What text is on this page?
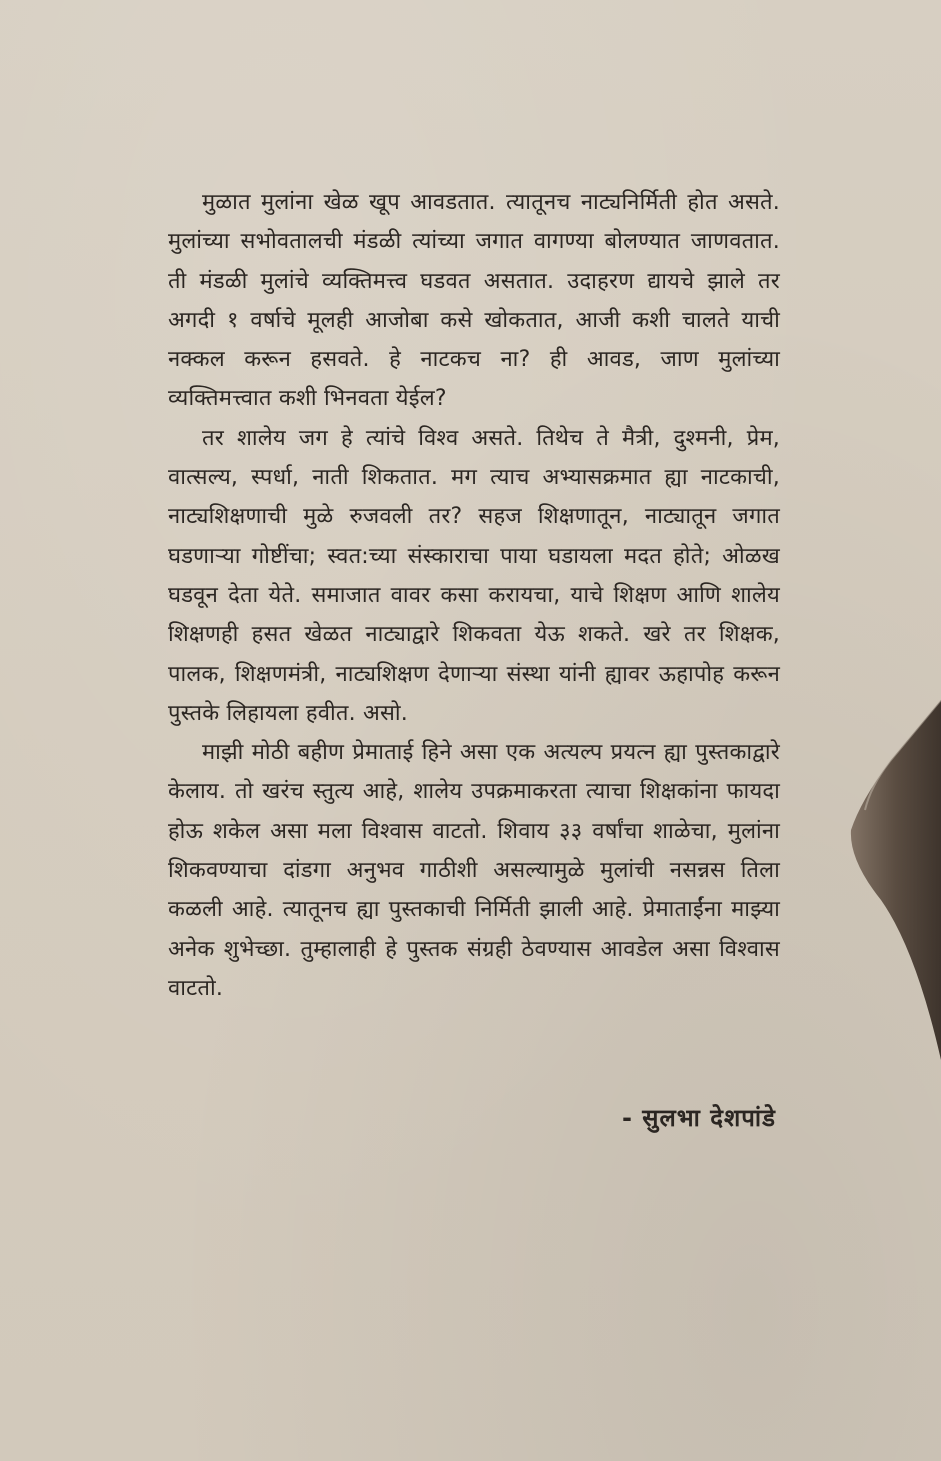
मुळात मुलांना खेळ खूप आवडतात. त्यातूनच नाट्यनिर्मिती होत असते. मुलांच्या सभोवतालची मंडळी त्यांच्या जगात वागण्या बोलण्यात जाणवतात. ती मंडळी मुलांचे व्यक्तिमत्त्व घडवत असतात. उदाहरण द्यायचे झाले तर अगदी १ वर्षाचे मूलही आजोबा कसे खोकतात, आजी कशी चालते याची नक्कल करून हसवते. हे नाटकच ना? ही आवड, जाण मुलांच्या व्यक्तिमत्त्वात कशी भिनवता येईल?

तर शालेय जग हे त्यांचे विश्व असते. तिथेच ते मैत्री, दुश्मनी, प्रेम, वात्सल्य, स्पर्धा, नाती शिकतात. मग त्याच अभ्यासक्रमात ह्या नाटकाची, नाट्यशिक्षणाची मुळे रुजवली तर? सहज शिक्षणातून, नाट्यातून जगात घडणाऱ्या गोष्टींचा; स्वत:च्या संस्काराचा पाया घडायला मदत होते; ओळख घडवून देता येते. समाजात वावर कसा करायचा, याचे शिक्षण आणि शालेय शिक्षणही हसत खेळत नाट्याद्वारे शिकवता येऊ शकते. खरे तर शिक्षक, पालक, शिक्षणमंत्री, नाट्यशिक्षण देणाऱ्या संस्था यांनी ह्यावर ऊहापोह करून पुस्तके लिहायला हवीत. असो.

माझी मोठी बहीण प्रेमाताई हिने असा एक अत्यल्प प्रयत्न ह्या पुस्तकाद्वारे केलाय. तो खरंच स्तुत्य आहे, शालेय उपक्रमाकरता त्याचा शिक्षकांना फायदा होऊ शकेल असा मला विश्वास वाटतो. शिवाय ३३ वर्षांचा शाळेचा, मुलांना शिकवण्याचा दांडगा अनुभव गाठीशी असल्यामुळे मुलांची नसन्नस तिला कळली आहे. त्यातूनच ह्या पुस्तकाची निर्मिती झाली आहे. प्रेमाताईंना माझ्या अनेक शुभेच्छा. तुम्हालाही हे पुस्तक संग्रही ठेवण्यास आवडेल असा विश्वास वाटतो.

- सुलभा देशपांडे
